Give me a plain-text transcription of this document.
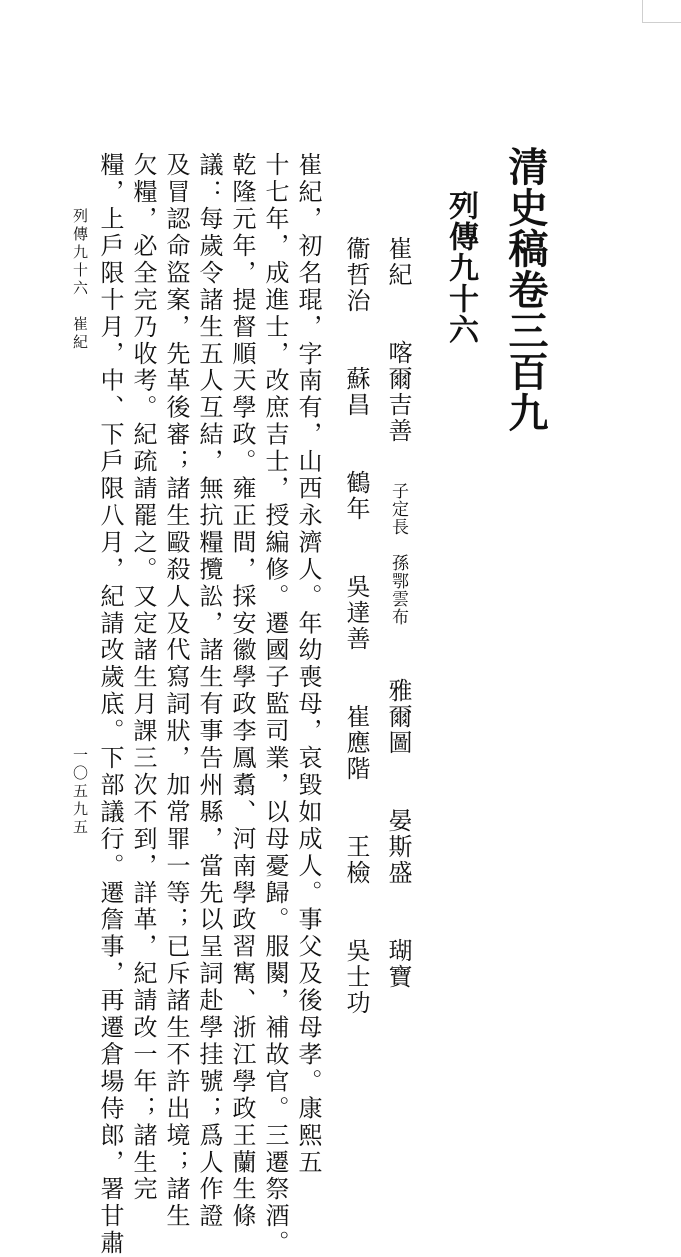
清史稿卷三百九
列傳九十六
崔紀 喀爾吉善 子定長　孫鄂雲布 雅爾圖 晏斯盛 瑚寶
衞哲治 蘇昌 鶴年 吳達善 崔應階 王檢 吳士功
崔紀，初名琨，字南有，山西永濟人。年幼喪母，哀毀如成人。事父及後母孝。康熙五
十七年，成進士，改庶吉士，授編修。遷國子監司業，以母憂歸。服闋，補故官。三遷祭酒。
乾隆元年，提督順天學政。雍正間，採安徽學政李鳳翥、河南學政習寯、浙江學政王蘭生條
議：每歲令諸生五人互結，無抗糧攬訟，諸生有事告州縣，當先以呈詞赴學挂號；爲人作證
及冒認命盜案，先革後審；諸生毆殺人及代寫詞狀，加常罪一等；已斥諸生不許出境；諸生
欠糧，必全完乃收考。紀疏請罷之。又定諸生月課三次不到，詳革，紀請改一年；諸生完
糧，上戶限十月，中、下戶限八月，紀請改歲底。下部議行。遷詹事，再遷倉場侍郎，署甘肅
列傳九十六　崔紀
一〇五九五
